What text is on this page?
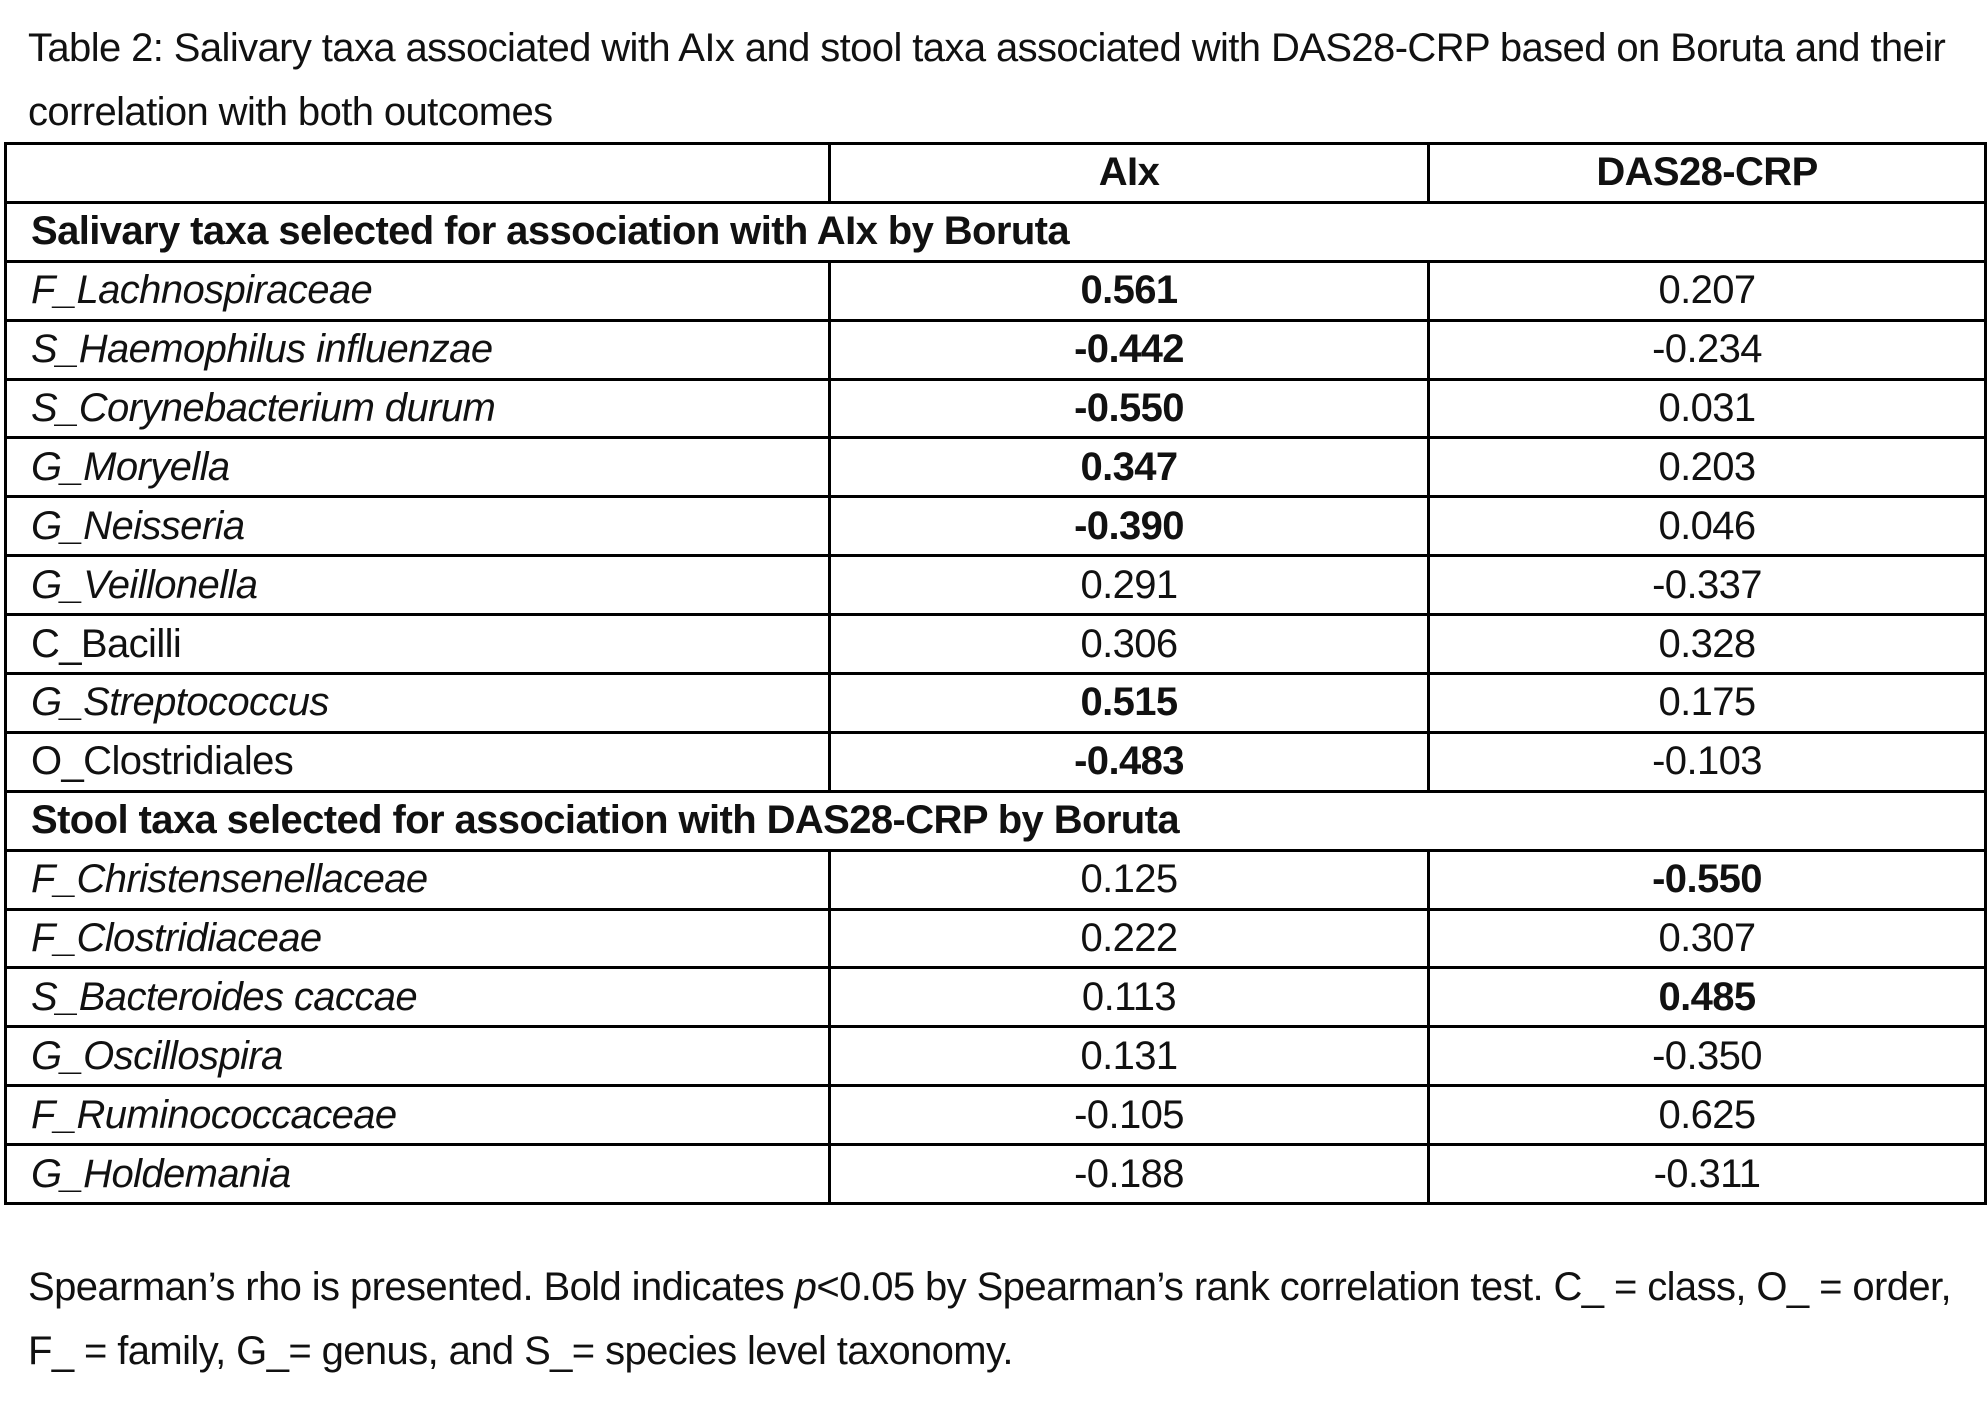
Table 2: Salivary taxa associated with AIx and stool taxa associated with DAS28-CRP based on Boruta and their correlation with both outcomes
	AIx	DAS28-CRP
Salivary taxa selected for association with AIx by Boruta		
F_Lachnospiraceae	0.561	0.207
S_Haemophilus influenzae	-0.442	-0.234
S_Corynebacterium durum	-0.550	0.031
G_Moryella	0.347	0.203
G_Neisseria	-0.390	0.046
G_Veillonella	0.291	-0.337
C_Bacilli	0.306	0.328
G_Streptococcus	0.515	0.175
O_Clostridiales	-0.483	-0.103
Stool taxa selected for association with DAS28-CRP by Boruta		
F_Christensenellaceae	0.125	-0.550
F_Clostridiaceae	0.222	0.307
S_Bacteroides caccae	0.113	0.485
G_Oscillospira	0.131	-0.350
F_Ruminococcaceae	-0.105	0.625
G_Holdemania	-0.188	-0.311
Spearman’s rho is presented. Bold indicates p<0.05 by Spearman’s rank correlation test. C_ = class, O_ = order, F_ = family, G_= genus, and S_= species level taxonomy.
